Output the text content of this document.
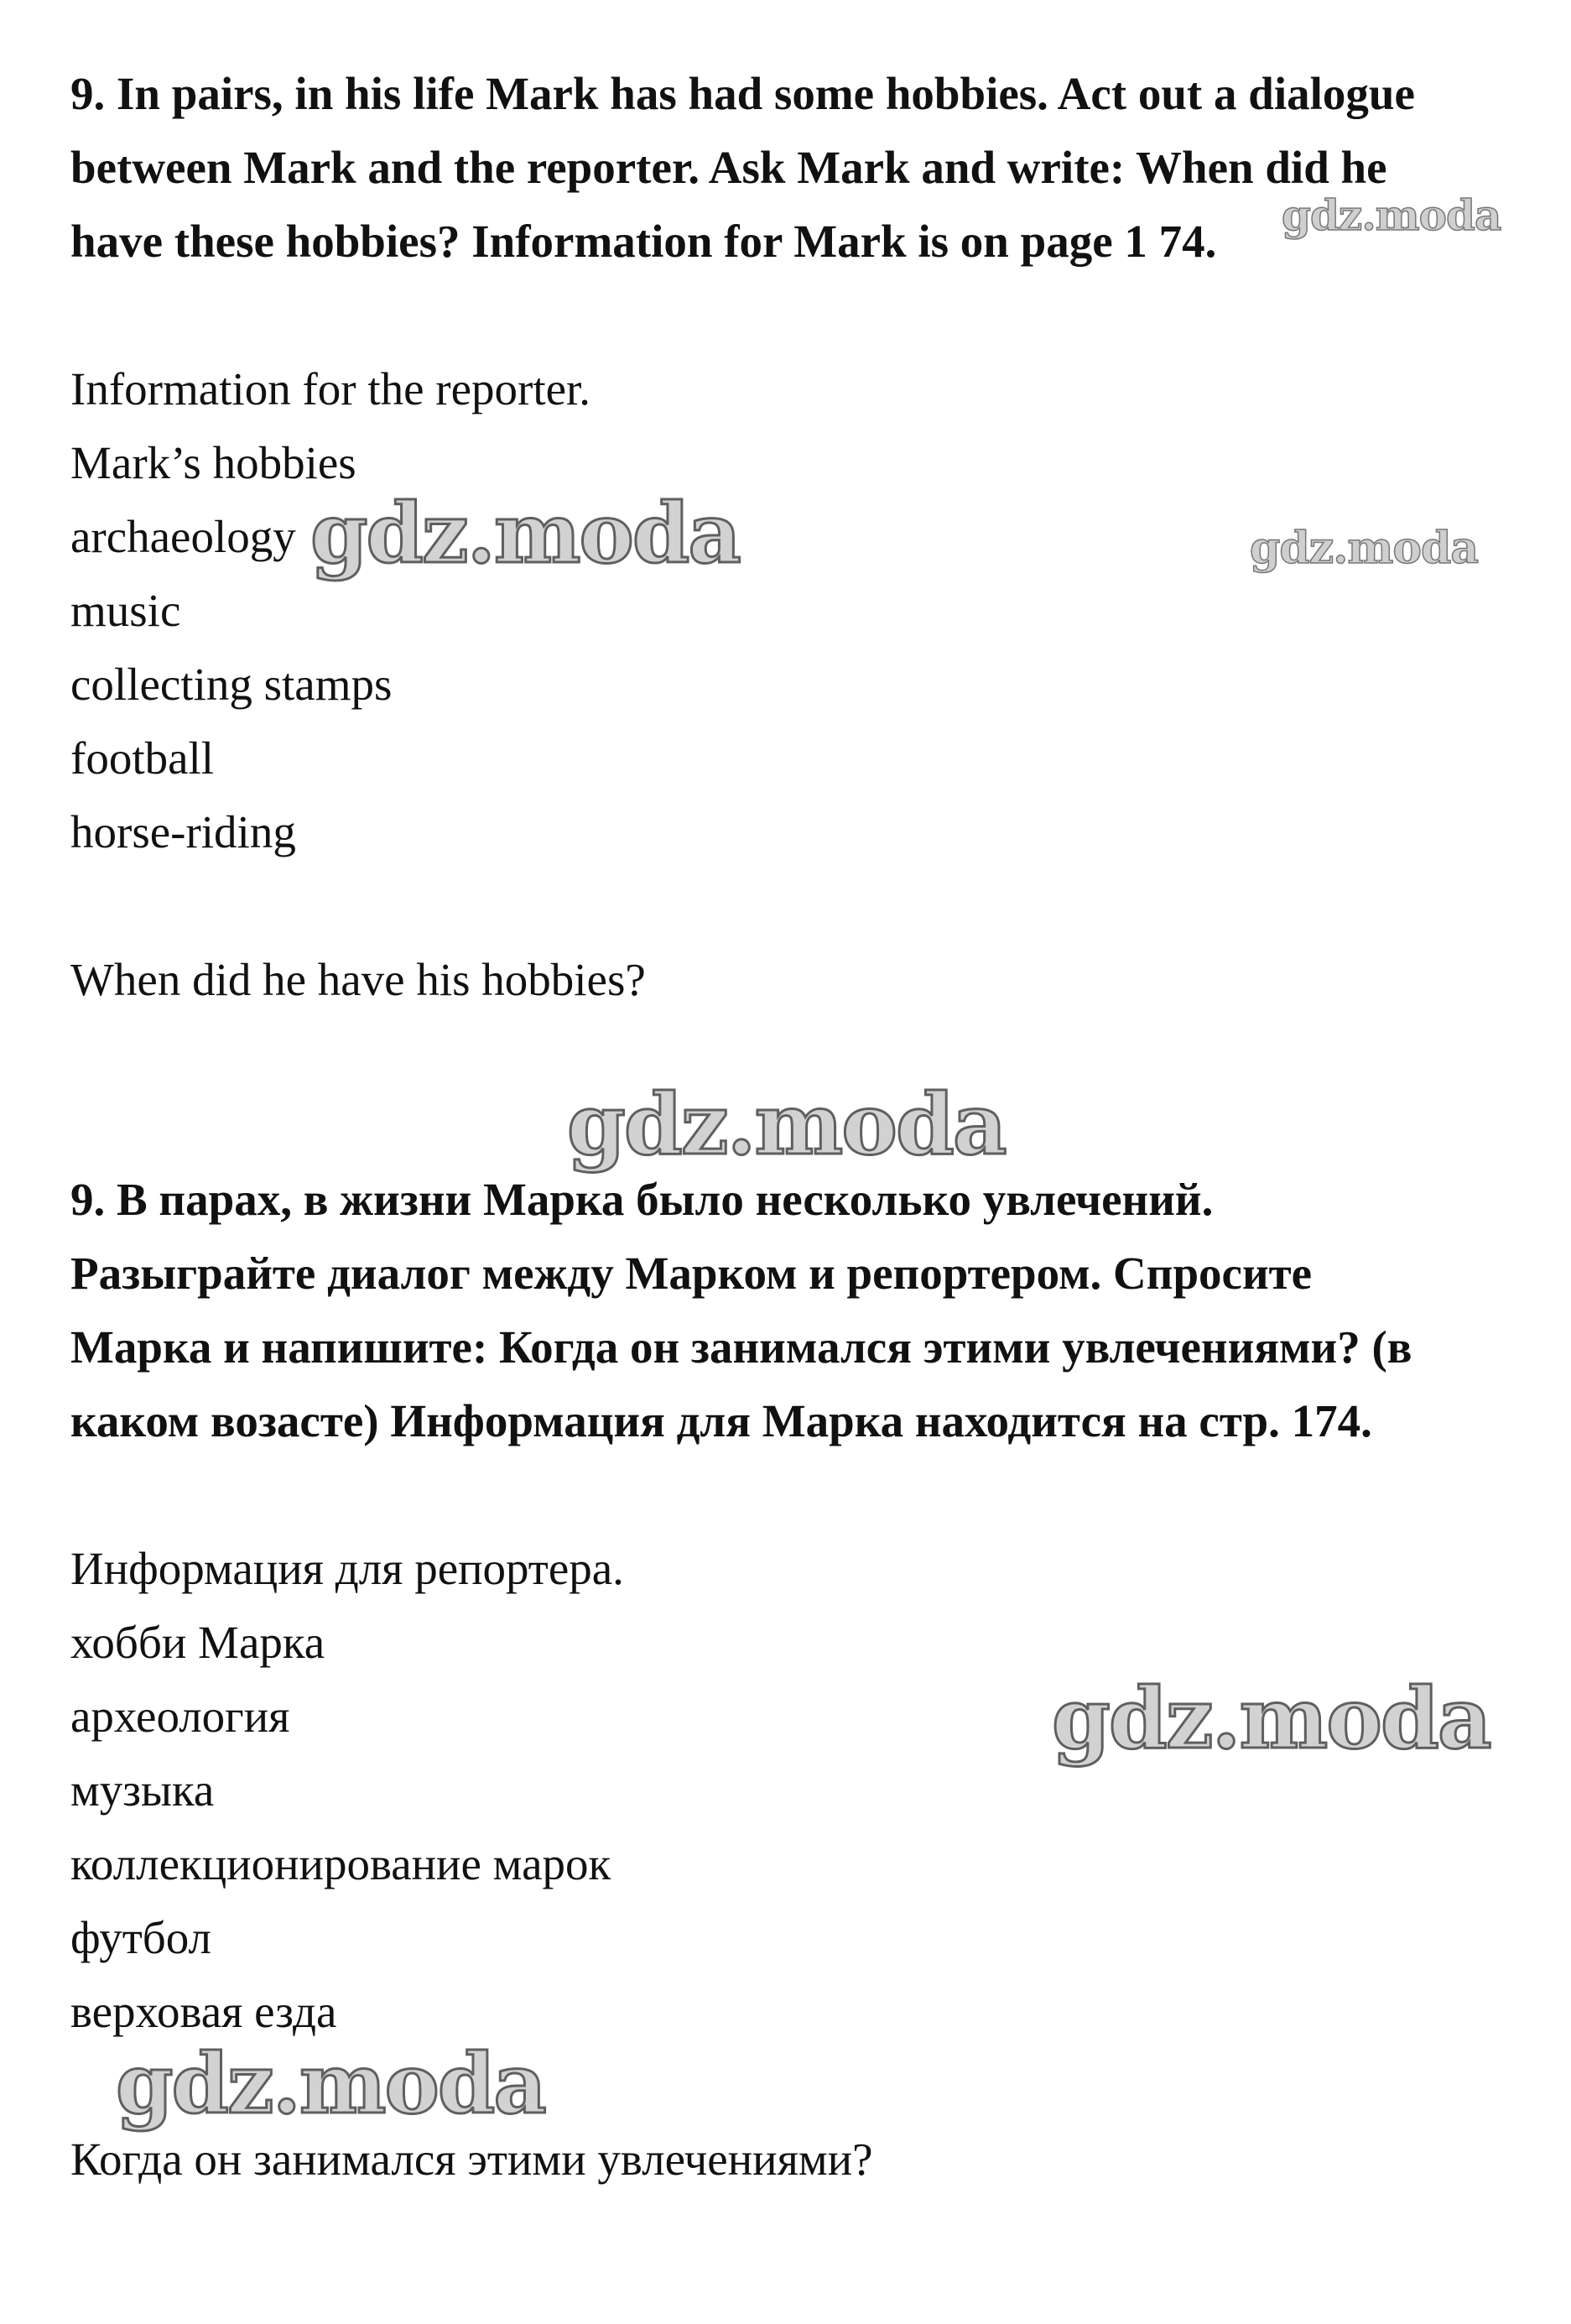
9. In pairs, in his life Mark has had some hobbies. Act out a dialogue
between Mark and the reporter. Ask Mark and write: When did he
have these hobbies? Information for Mark is on page 1 74.

Information for the reporter.

Mark’s hobbies

archaeology

music

collecting stamps

football

horse-riding

When did he have his hobbies?

9. В парах, в жизни Марка было несколько увлечений.
Разыграйте диалог между Марком и репортером. Спросите
Марка и напишите: Когда он занимался этими увлечениями? (в
каком возасте) Информация для Марка находится на стр. 174.

Информация для репортера.

хобби Марка

археология

музыка

коллекционирование марок

футбол

верховая езда

Когда он занимался этими увлечениями?

gdz.moda
gdz.moda	gdz.moda
gdz.moda
gdz.moda
gdz.moda
